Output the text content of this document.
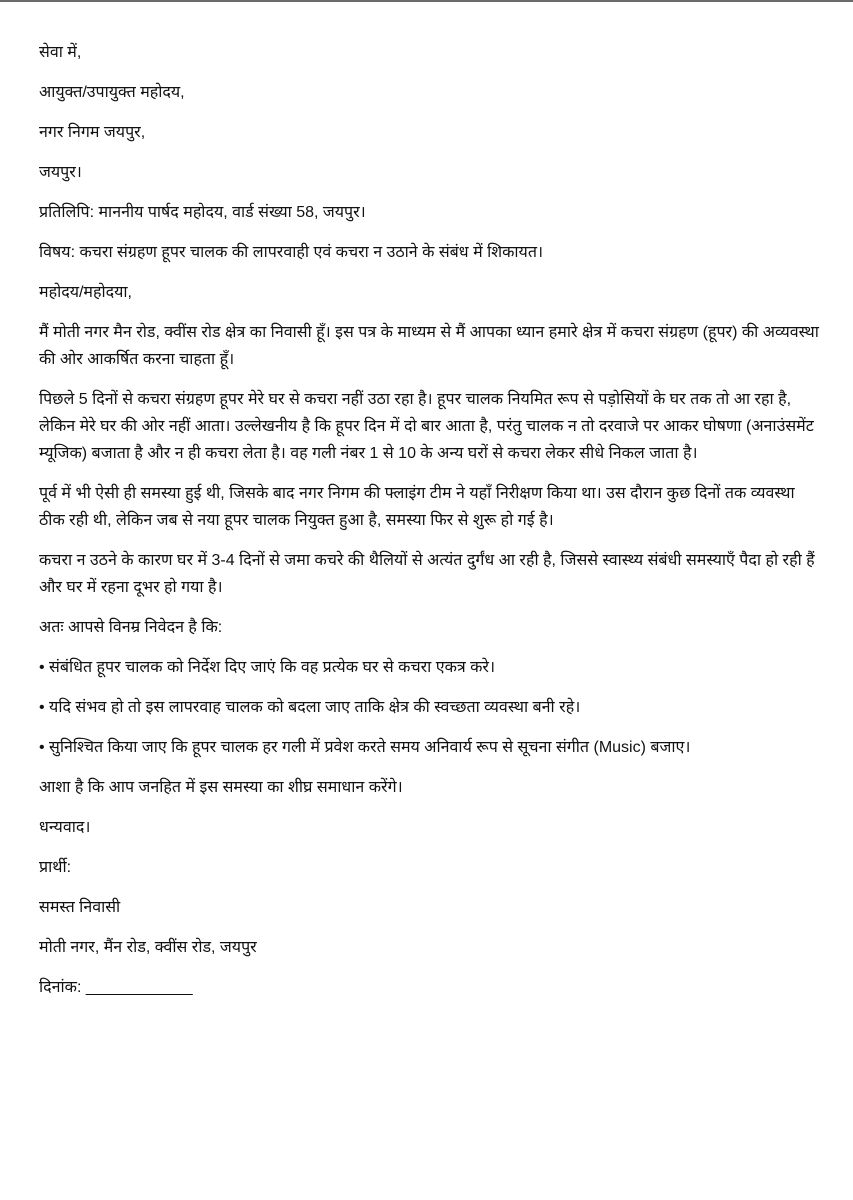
सेवा में,

आयुक्त/उपायुक्त महोदय,

नगर निगम जयपुर,

जयपुर।

प्रतिलिपि: माननीय पार्षद महोदय, वार्ड संख्या 58, जयपुर।

विषय: कचरा संग्रहण हूपर चालक की लापरवाही एवं कचरा न उठाने के संबंध में शिकायत।

महोदय/महोदया,

मैं मोती नगर मैन रोड, क्वींस रोड क्षेत्र का निवासी हूँ। इस पत्र के माध्यम से मैं आपका ध्यान हमारे क्षेत्र में कचरा संग्रहण (हूपर) की अव्यवस्था की ओर आकर्षित करना चाहता हूँ।

पिछले 5 दिनों से कचरा संग्रहण हूपर मेरे घर से कचरा नहीं उठा रहा है। हूपर चालक नियमित रूप से पड़ोसियों के घर तक तो आ रहा है, लेकिन मेरे घर की ओर नहीं आता। उल्लेखनीय है कि हूपर दिन में दो बार आता है, परंतु चालक न तो दरवाजे पर आकर घोषणा (अनाउंसमेंट म्यूजिक) बजाता है और न ही कचरा लेता है। वह गली नंबर 1 से 10 के अन्य घरों से कचरा लेकर सीधे निकल जाता है।

पूर्व में भी ऐसी ही समस्या हुई थी, जिसके बाद नगर निगम की फ्लाइंग टीम ने यहाँ निरीक्षण किया था। उस दौरान कुछ दिनों तक व्यवस्था ठीक रही थी, लेकिन जब से नया हूपर चालक नियुक्त हुआ है, समस्या फिर से शुरू हो गई है।

कचरा न उठने के कारण घर में 3-4 दिनों से जमा कचरे की थैलियों से अत्यंत दुर्गंध आ रही है, जिससे स्वास्थ्य संबंधी समस्याएँ पैदा हो रही हैं और घर में रहना दूभर हो गया है।

अतः आपसे विनम्र निवेदन है कि:

• संबंधित हूपर चालक को निर्देश दिए जाएं कि वह प्रत्येक घर से कचरा एकत्र करे।

• यदि संभव हो तो इस लापरवाह चालक को बदला जाए ताकि क्षेत्र की स्वच्छता व्यवस्था बनी रहे।

• सुनिश्चित किया जाए कि हूपर चालक हर गली में प्रवेश करते समय अनिवार्य रूप से सूचना संगीत (Music) बजाए।

आशा है कि आप जनहित में इस समस्या का शीघ्र समाधान करेंगे।

धन्यवाद।

प्रार्थी:

समस्त निवासी

मोती नगर, मैंन रोड, क्वींस रोड, जयपुर

दिनांक: ____________
